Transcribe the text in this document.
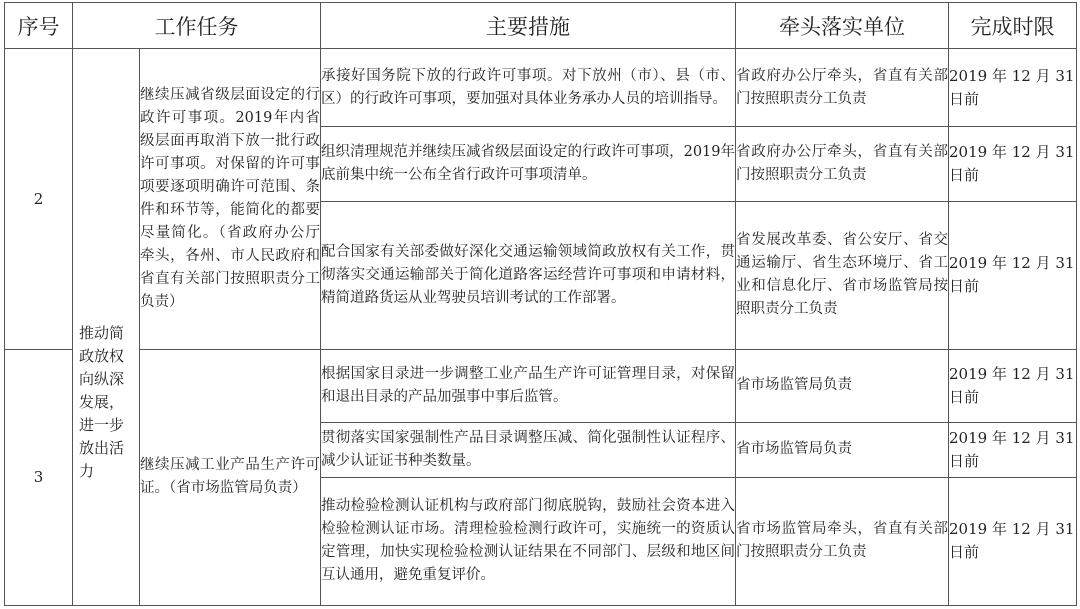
序号	工作任务		主要措施	牵头落实单位	完成时限
2	推动简政放权向纵深发展，进一步放出活力	继续压减省级层面设定的行政许可事项。2019年内省级层面再取消下放一批行政许可事项。对保留的许可事项要逐项明确许可范围、条件和环节等，能简化的都要尽量简化。（省政府办公厅牵头，各州、市人民政府和省直有关部门按照职责分工负责）	承接好国务院下放的行政许可事项。对下放州（市）、县（市、区）的行政许可事项，要加强对具体业务承办人员的培训指导。	省政府办公厅牵头，省直有关部门按照职责分工负责	2019 年 12 月 31 日前
			组织清理规范并继续压减省级层面设定的行政许可事项，2019年底前集中统一公布全省行政许可事项清单。	省政府办公厅牵头，省直有关部门按照职责分工负责	2019 年 12 月 31 日前
			配合国家有关部委做好深化交通运输领域简政放权有关工作，贯彻落实交通运输部关于简化道路客运经营许可事项和申请材料，精简道路货运从业驾驶员培训考试的工作部署。	省发展改革委、省公安厅、省交通运输厅、省生态环境厅、省工业和信息化厅、省市场监管局按照职责分工负责	2019 年 12 月 31 日前
3		继续压减工业产品生产许可证。（省市场监管局负责）	根据国家目录进一步调整工业产品生产许可证管理目录，对保留和退出目录的产品加强事中事后监管。	省市场监管局负责	2019 年 12 月 31 日前
			贯彻落实国家强制性产品目录调整压减、简化强制性认证程序、减少认证证书种类数量。	省市场监管局负责	2019 年 12 月 31 日前
			推动检验检测认证机构与政府部门彻底脱钩，鼓励社会资本进入检验检测认证市场。清理检验检测行政许可，实施统一的资质认定管理，加快实现检验检测认证结果在不同部门、层级和地区间互认通用，避免重复评价。	省市场监管局牵头，省直有关部门按照职责分工负责	2019 年 12 月 31 日前
